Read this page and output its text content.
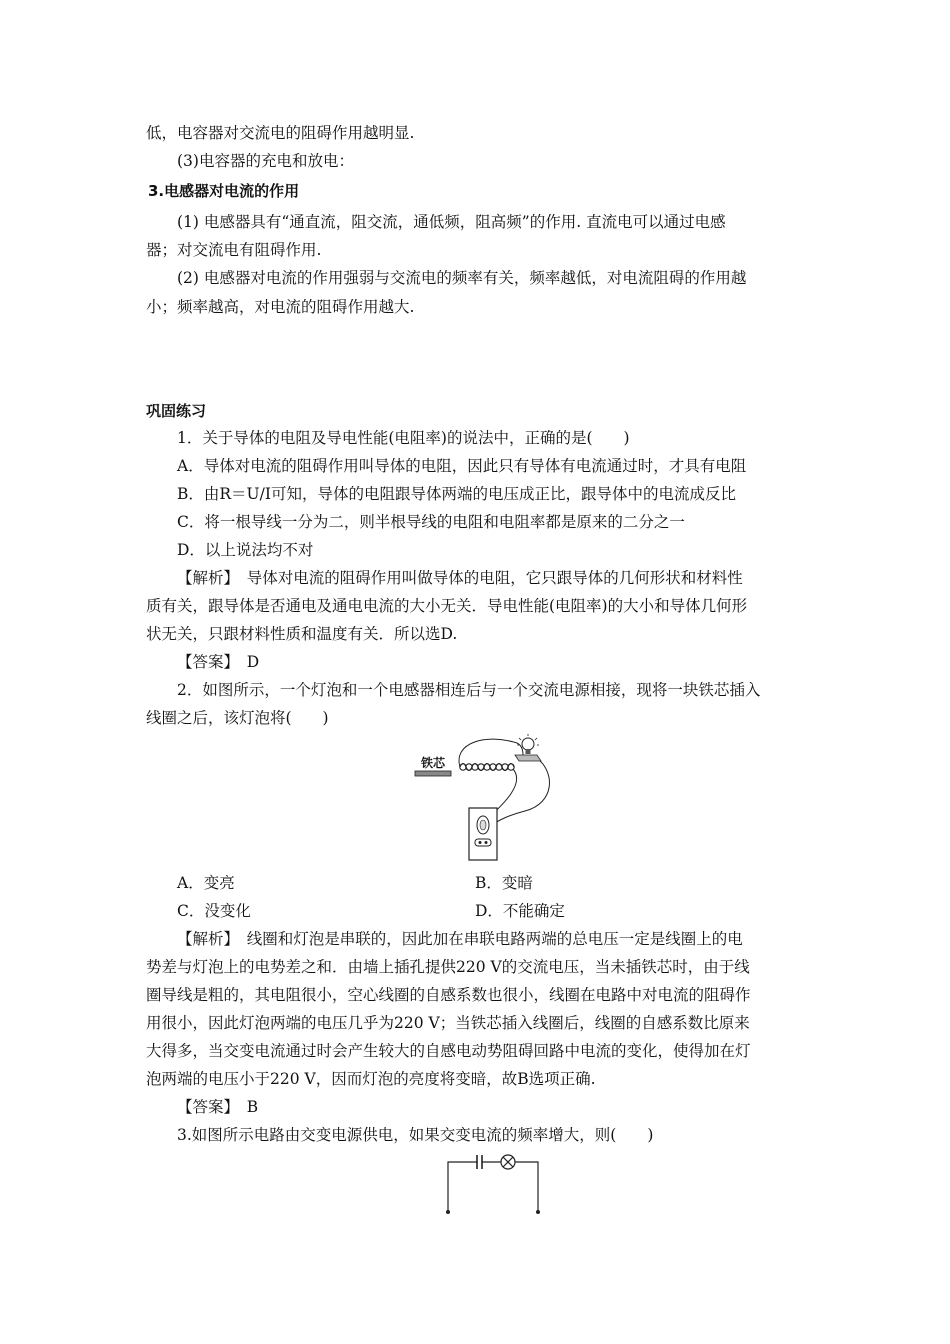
低，电容器对交流电的阻碍作用越明显.
(3)电容器的充电和放电：
3.电感器对电流的作用
(1) 电感器具有“通直流，阻交流，通低频，阻高频”的作用. 直流电可以通过电感
器；对交流电有阻碍作用.
(2) 电感器对电流的作用强弱与交流电的频率有关，频率越低，对电流阻碍的作用越
小；频率越高，对电流的阻碍作用越大.
巩固练习
1．关于导体的电阻及导电性能(电阻率)的说法中，正确的是(　　)
A．导体对电流的阻碍作用叫导体的电阻，因此只有导体有电流通过时，才具有电阻
B．由R＝U/I可知，导体的电阻跟导体两端的电压成正比，跟导体中的电流成反比
C．将一根导线一分为二，则半根导线的电阻和电阻率都是原来的二分之一
D．以上说法均不对
【解析】　导体对电流的阻碍作用叫做导体的电阻，它只跟导体的几何形状和材料性
质有关，跟导体是否通电及通电电流的大小无关．导电性能(电阻率)的大小和导体几何形
状无关，只跟材料性质和温度有关．所以选D.
【答案】　D
2．如图所示，一个灯泡和一个电感器相连后与一个交流电源相接，现将一块铁芯插入
线圈之后，该灯泡将(　　)
铁芯
A．变亮	B．变暗
C．没变化	D．不能确定
【解析】　线圈和灯泡是串联的，因此加在串联电路两端的总电压一定是线圈上的电
势差与灯泡上的电势差之和．由墙上插孔提供220 V的交流电压，当未插铁芯时，由于线
圈导线是粗的，其电阻很小，空心线圈的自感系数也很小，线圈在电路中对电流的阻碍作
用很小，因此灯泡两端的电压几乎为220 V；当铁芯插入线圈后，线圈的自感系数比原来
大得多，当交变电流通过时会产生较大的自感电动势阻碍回路中电流的变化，使得加在灯
泡两端的电压小于220 V，因而灯泡的亮度将变暗，故B选项正确.
【答案】　B
3.如图所示电路由交变电源供电，如果交变电流的频率增大，则(　　)
